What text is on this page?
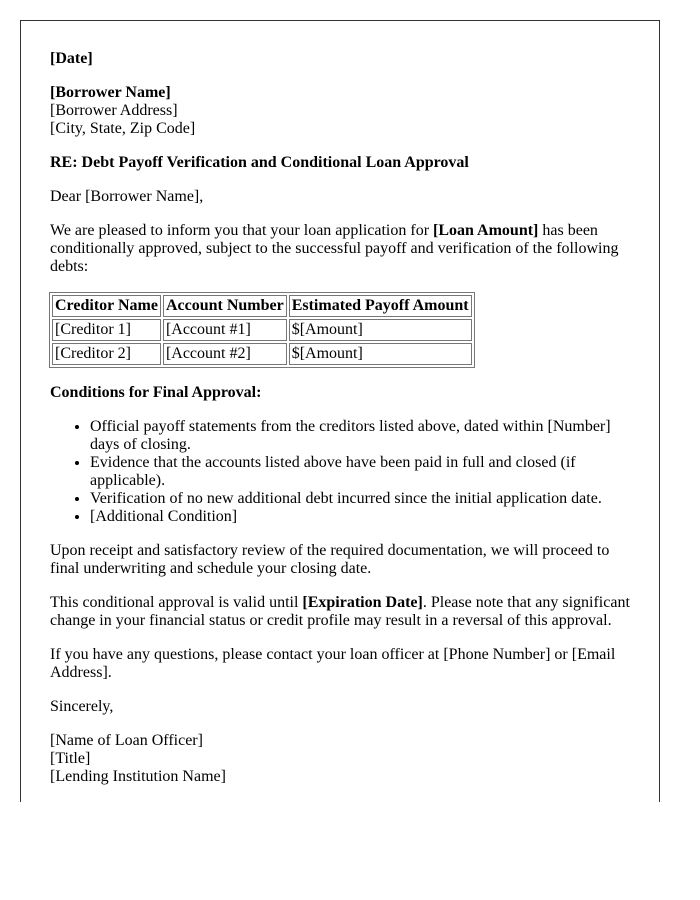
[Date]

[Borrower Name]
[Borrower Address]
[City, State, Zip Code]

RE: Debt Payoff Verification and Conditional Loan Approval

Dear [Borrower Name],

We are pleased to inform you that your loan application for [Loan Amount] has been conditionally approved, subject to the successful payoff and verification of the following debts:

Creditor Name	Account Number	Estimated Payoff Amount
[Creditor 1]	[Account #1]	$[Amount]
[Creditor 2]	[Account #2]	$[Amount]

Conditions for Final Approval:

• Official payoff statements from the creditors listed above, dated within [Number] days of closing.
• Evidence that the accounts listed above have been paid in full and closed (if applicable).
• Verification of no new additional debt incurred since the initial application date.
• [Additional Condition]

Upon receipt and satisfactory review of the required documentation, we will proceed to final underwriting and schedule your closing date.

This conditional approval is valid until [Expiration Date]. Please note that any significant change in your financial status or credit profile may result in a reversal of this approval.

If you have any questions, please contact your loan officer at [Phone Number] or [Email Address].

Sincerely,

[Name of Loan Officer]
[Title]
[Lending Institution Name]
